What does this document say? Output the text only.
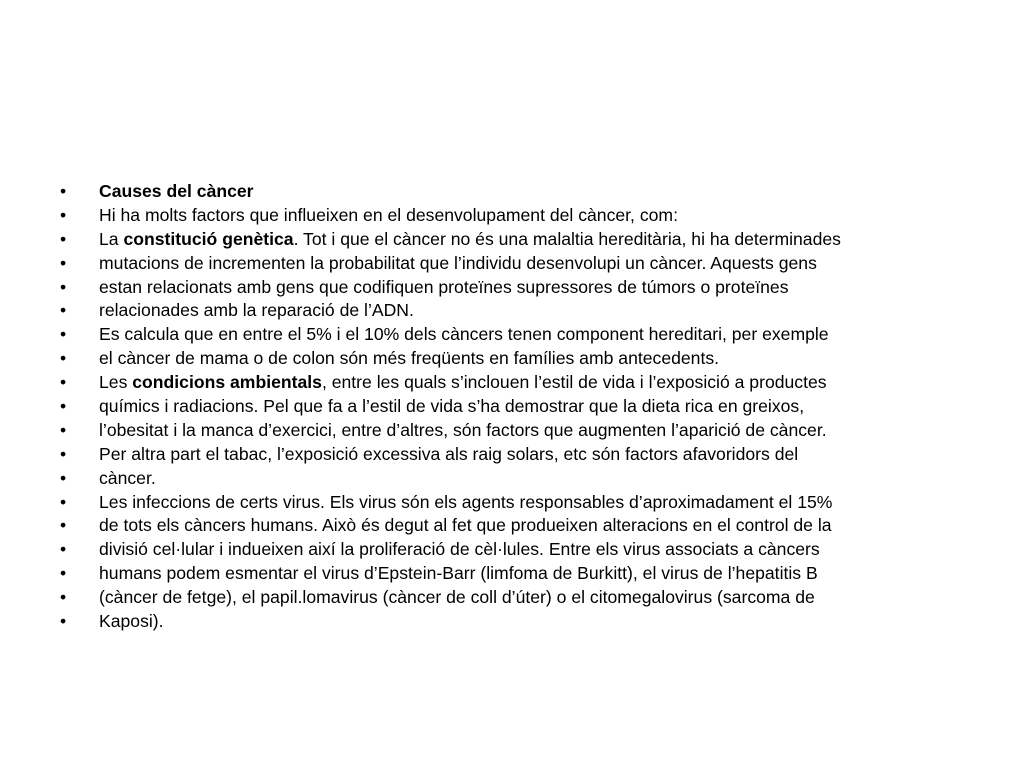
•	Causes del càncer
•	Hi ha molts factors que influeixen en el desenvolupament del càncer, com:
•	La constitució genètica. Tot i que el càncer no és una malaltia hereditària, hi ha determinades
•	mutacions de incrementen la probabilitat que l’individu desenvolupi un càncer. Aquests gens
•	estan relacionats amb gens que codifiquen proteïnes supressores de túmors o proteïnes
•	relacionades amb la reparació de l’ADN.
•	Es calcula que en entre el 5% i el 10% dels càncers tenen component hereditari, per exemple
•	el càncer de mama o de colon són més freqüents en famílies amb antecedents.
•	Les condicions ambientals, entre les quals s’inclouen l’estil de vida i l’exposició a productes
•	químics i radiacions. Pel que fa a l’estil de vida s’ha demostrar que la dieta rica en greixos,
•	l’obesitat i la manca d’exercici, entre d’altres, són factors que augmenten l’aparició de càncer.
•	Per altra part el tabac, l’exposició excessiva als raig solars, etc són factors afavoridors del
•	càncer.
•	Les infeccions de certs virus. Els virus són els agents responsables d’aproximadament el 15%
•	de tots els càncers humans. Això és degut al fet que produeixen alteracions en el control de la
•	divisió cel·lular i indueixen així la proliferació de cèl·lules. Entre els virus associats a càncers
•	humans podem esmentar el virus d’Epstein-Barr (limfoma de Burkitt), el virus de l’hepatitis B
•	(càncer de fetge), el papil.lomavirus (càncer de coll d’úter) o el citomegalovirus (sarcoma de
•	Kaposi).
